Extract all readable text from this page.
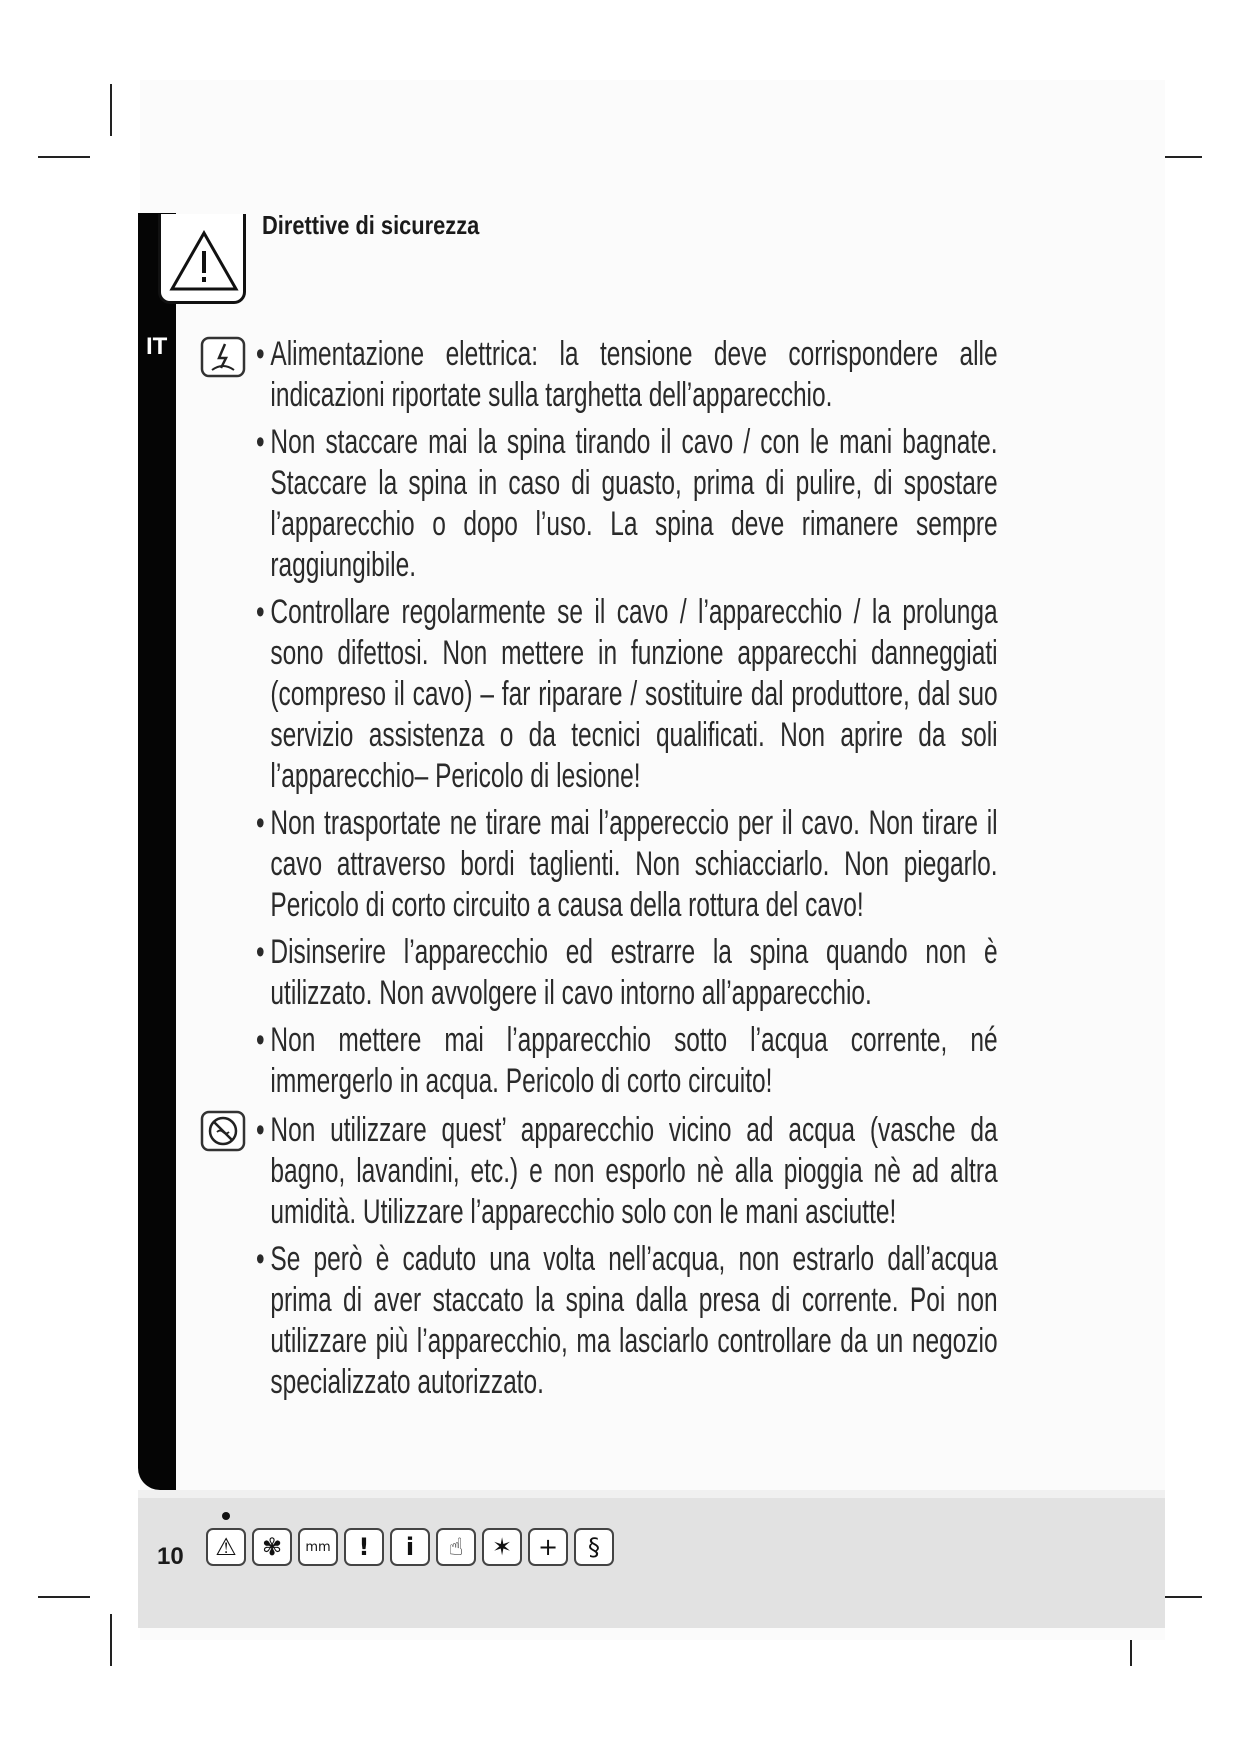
IT
Direttive di sicurezza
• Alimentazione elettrica: la tensione deve corrispondere alle indicazioni riportate sulla targhetta dell’apparecchio.
• Non staccare mai la spina tirando il cavo / con le mani bagnate. Staccare la spina in caso di guasto, prima di pulire, di spostare l’apparecchio o dopo l’uso. La spina deve rimanere sempre raggiungibile.
• Controllare regolarmente se il cavo / l’apparecchio / la prolunga sono difettosi. Non mettere in funzione apparecchi danneggiati (compreso il cavo) – far riparare / sostituire dal produttore, dal suo servizio assistenza o da tecnici qualificati. Non aprire da soli l’apparecchio– Pericolo di lesione!
• Non trasportate ne tirare mai l’appereccio per il cavo. Non tirare il cavo attraverso bordi taglienti. Non schiacciarlo. Non piegarlo. Pericolo di corto circuito a causa della rottura del cavo!
• Disinserire l’apparecchio ed estrarre la spina quando non è utilizzato. Non avvolgere il cavo intorno all’apparecchio.
• Non mettere mai l’apparecchio sotto l’acqua corrente, né immergerlo in acqua. Pericolo di corto circuito!
• Non utilizzare quest’ apparecchio vicino ad acqua (vasche da bagno, lavandini, etc.) e non esporlo nè alla pioggia nè ad altra umidità. Utilizzare l’apparecchio solo con le mani asciutte!
• Se però è caduto una volta nell’acqua, non estrarlo dall’acqua prima di aver staccato la spina dalla presa di corrente. Poi non utilizzare più l’apparecchio, ma lasciarlo controllare da un negozio specializzato autorizzato.
10	⚠	✾	mm	!	i	☝	✶	+	§
